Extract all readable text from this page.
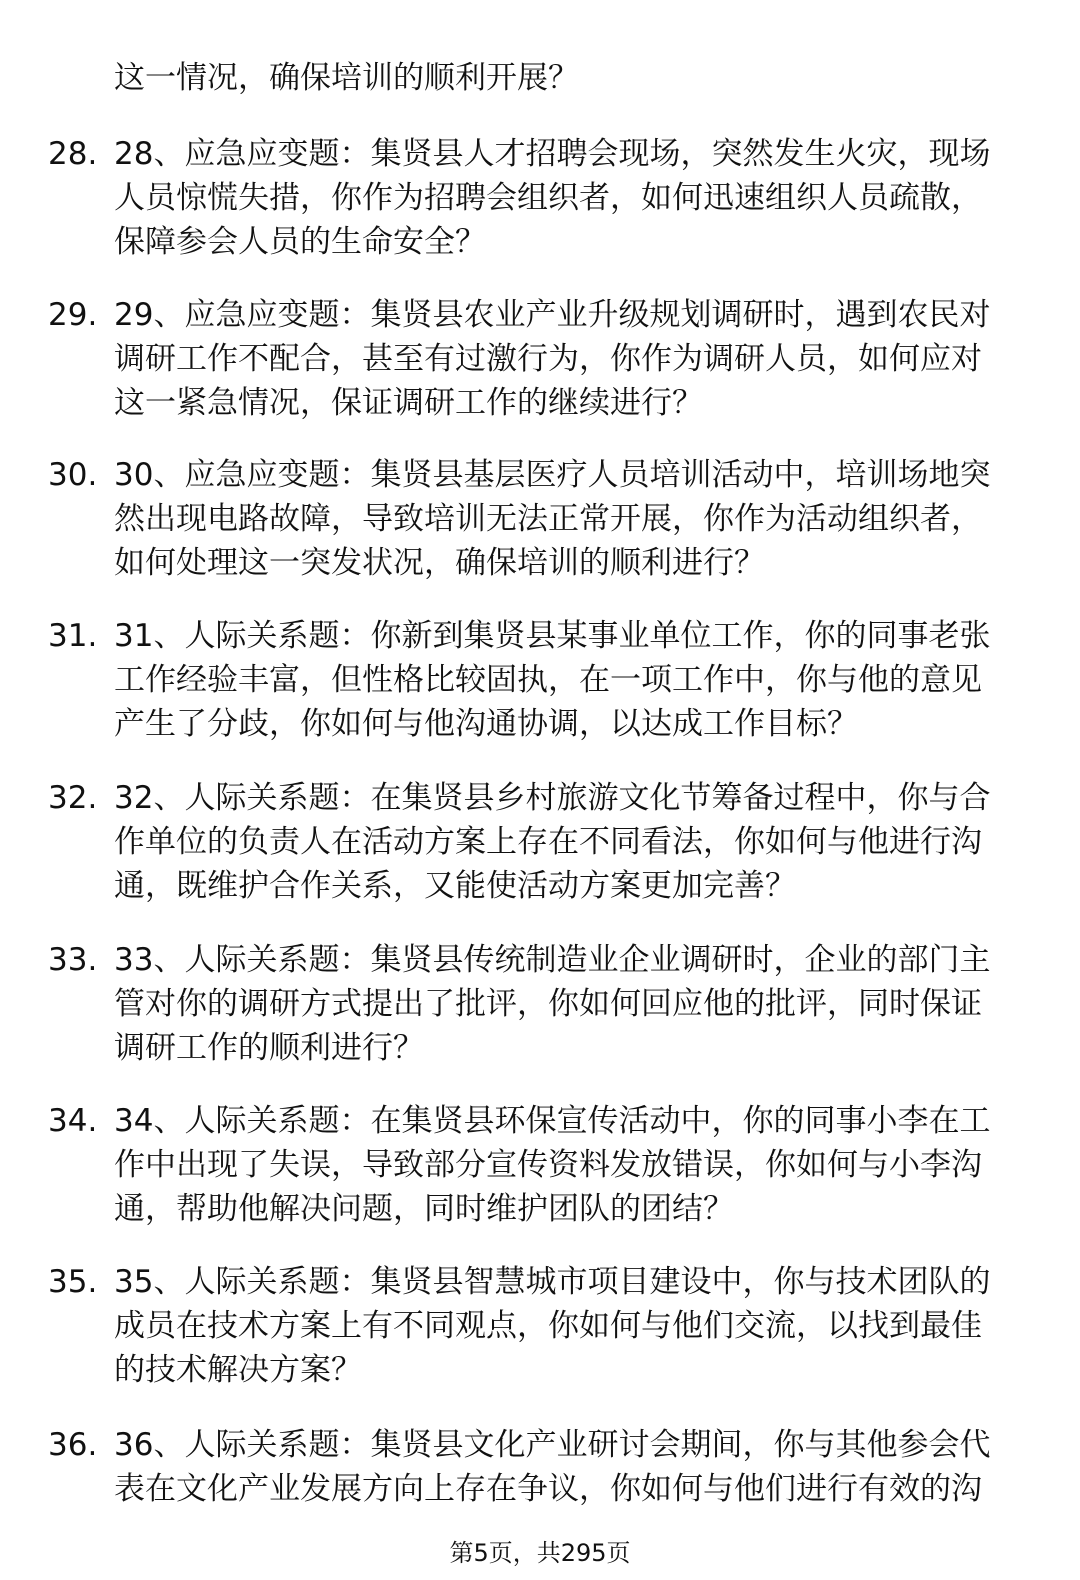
这一情况，确保培训的顺利开展？
28. 28、应急应变题：集贤县人才招聘会现场，突然发生火灾，现场
人员惊慌失措，你作为招聘会组织者，如何迅速组织人员疏散，
保障参会人员的生命安全？
29. 29、应急应变题：集贤县农业产业升级规划调研时，遇到农民对
调研工作不配合，甚至有过激行为，你作为调研人员，如何应对
这一紧急情况，保证调研工作的继续进行？
30. 30、应急应变题：集贤县基层医疗人员培训活动中，培训场地突
然出现电路故障，导致培训无法正常开展，你作为活动组织者，
如何处理这一突发状况，确保培训的顺利进行？
31. 31、人际关系题：你新到集贤县某事业单位工作，你的同事老张
工作经验丰富，但性格比较固执，在一项工作中，你与他的意见
产生了分歧，你如何与他沟通协调，以达成工作目标？
32. 32、人际关系题：在集贤县乡村旅游文化节筹备过程中，你与合
作单位的负责人在活动方案上存在不同看法，你如何与他进行沟
通，既维护合作关系，又能使活动方案更加完善？
33. 33、人际关系题：集贤县传统制造业企业调研时，企业的部门主
管对你的调研方式提出了批评，你如何回应他的批评，同时保证
调研工作的顺利进行？
34. 34、人际关系题：在集贤县环保宣传活动中，你的同事小李在工
作中出现了失误，导致部分宣传资料发放错误，你如何与小李沟
通，帮助他解决问题，同时维护团队的团结？
35. 35、人际关系题：集贤县智慧城市项目建设中，你与技术团队的
成员在技术方案上有不同观点，你如何与他们交流，以找到最佳
的技术解决方案？
36. 36、人际关系题：集贤县文化产业研讨会期间，你与其他参会代
表在文化产业发展方向上存在争议，你如何与他们进行有效的沟
第5页，共295页
